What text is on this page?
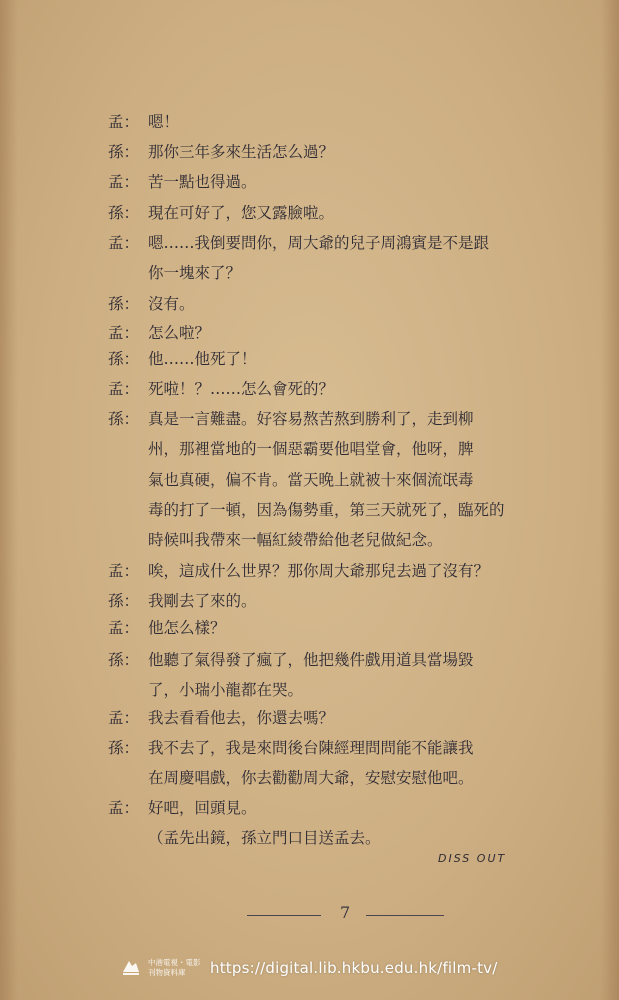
孟： 嗯！
孫： 那你三年多來生活怎么過？
孟： 苦一點也得過。
孫： 現在可好了，您又露臉啦。
孟： 嗯……我倒要問你，周大爺的兒子周鴻賓是不是跟
你一塊來了？
孫： 沒有。
孟： 怎么啦？
孫： 他……他死了！
孟： 死啦！？……怎么會死的？
孫： 真是一言難盡。好容易熬苦熬到勝利了，走到柳
州，那裡當地的一個惡霸要他唱堂會，他呀，脾
氣也真硬，偏不肯。當天晚上就被十來個流氓毒
毒的打了一頓，因為傷勢重，第三天就死了，臨死的
時候叫我帶來一幅紅綾帶給他老兒做紀念。
孟： 唉，這成什么世界？那你周大爺那兒去過了沒有？
孫： 我剛去了來的。
孟： 他怎么樣？
孫： 他聽了氣得發了瘋了，他把幾件戲用道具當場毀
了，小瑞小龍都在哭。
孟： 我去看看他去，你還去嗎？
孫： 我不去了，我是來問後台陳經理問問能不能讓我
在周慶唱戲，你去勸勸周大爺，安慰安慰他吧。
孟： 好吧，回頭見。
（孟先出鏡，孫立門口目送孟去。
DISS OUT
7
中港電視・電影 刊物資料庫	https://digital.lib.hkbu.edu.hk/film-tv/
